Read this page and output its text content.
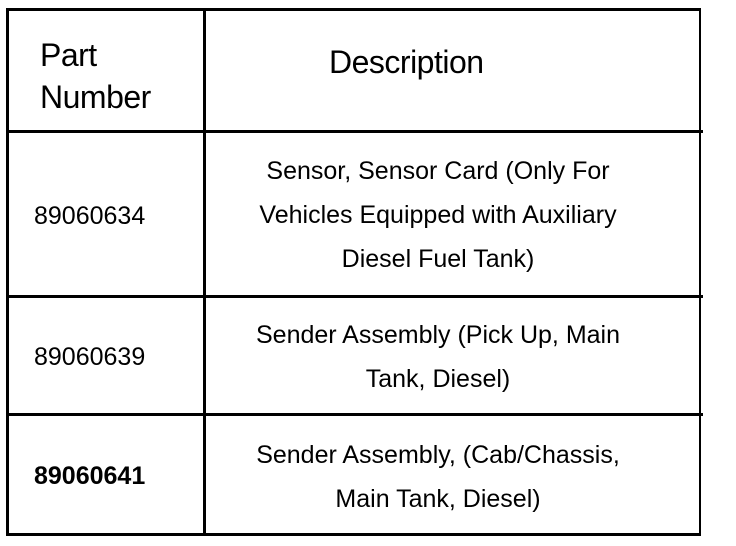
Part
Number
Description
89060634
Sensor, Sensor Card (Only For
Vehicles Equipped with Auxiliary
Diesel Fuel Tank)
89060639
Sender Assembly (Pick Up, Main
Tank, Diesel)
89060641
Sender Assembly, (Cab/Chassis,
Main Tank, Diesel)
